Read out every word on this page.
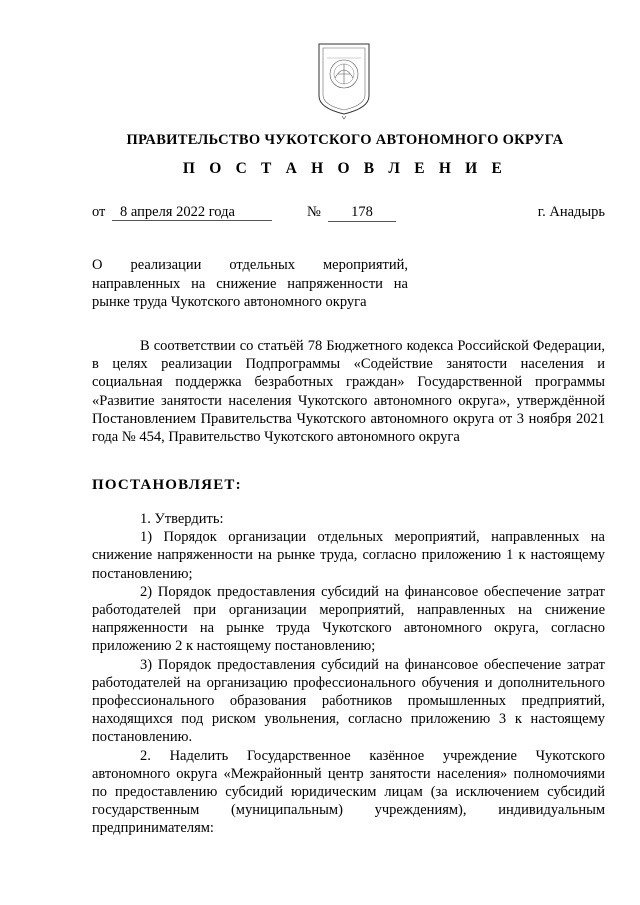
ПРАВИТЕЛЬСТВО ЧУКОТСКОГО АВТОНОМНОГО ОКРУГА
П О С Т А Н О В Л Е Н И Е
от	8 апреля 2022 года	№	178	г. Анадырь
О реализации отдельных мероприятий, направленных на снижение напряженности на рынке труда Чукотского автономного округа
В соответствии со статьёй 78 Бюджетного кодекса Российской Федерации, в целях реализации Подпрограммы «Содействие занятости населения и социальная поддержка безработных граждан» Государственной программы «Развитие занятости населения Чукотского автономного округа», утверждённой Постановлением Правительства Чукотского автономного округа от 3 ноября 2021 года № 454, Правительство Чукотского автономного округа
ПОСТАНОВЛЯЕТ:

1. Утвердить:

1) Порядок организации отдельных мероприятий, направленных на снижение напряженности на рынке труда, согласно приложению 1 к настоящему постановлению;

2) Порядок предоставления субсидий на финансовое обеспечение затрат работодателей при организации мероприятий, направленных на снижение напряженности на рынке труда Чукотского автономного округа, согласно приложению 2 к настоящему постановлению;

3) Порядок предоставления субсидий на финансовое обеспечение затрат работодателей на организацию профессионального обучения и дополнительного профессионального образования работников промышленных предприятий, находящихся под риском увольнения, согласно приложению 3 к настоящему постановлению.

2. Наделить Государственное казённое учреждение Чукотского автономного округа «Межрайонный центр занятости населения» полномочиями по предоставлению субсидий юридическим лицам (за исключением субсидий государственным (муниципальным) учреждениям), индивидуальным предпринимателям:
